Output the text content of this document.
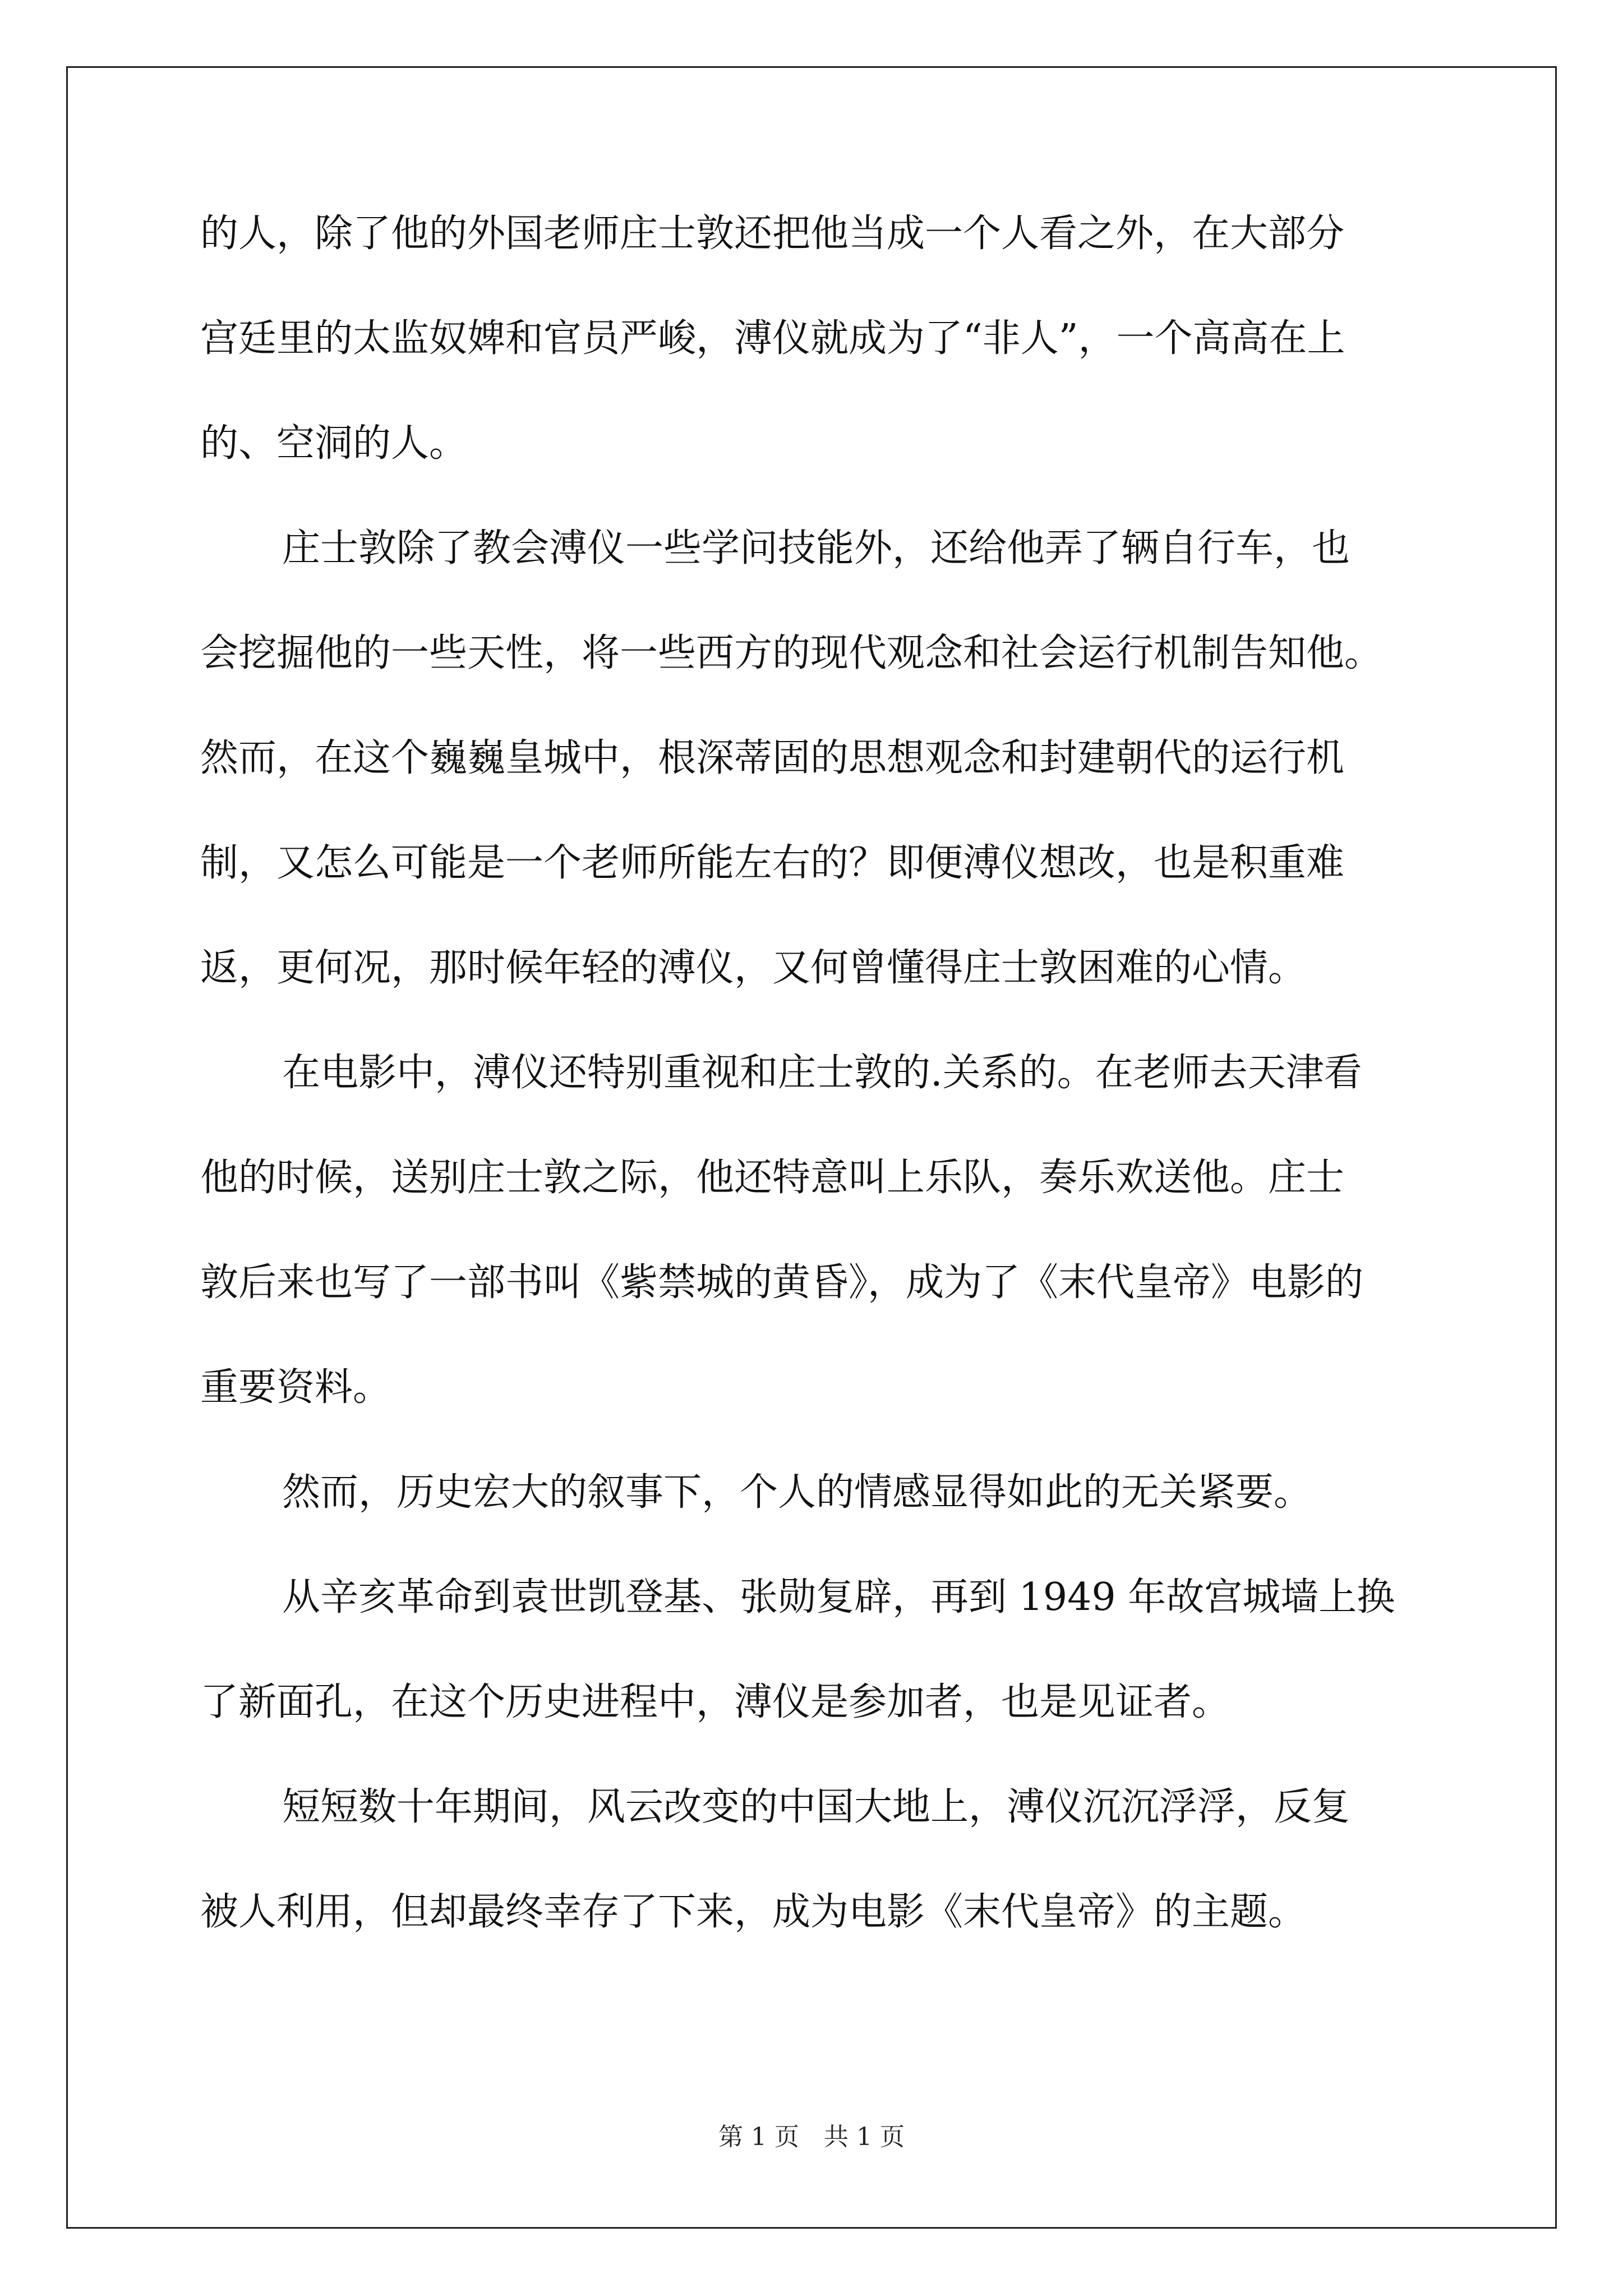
的人，除了他的外国老师庄士敦还把他当成一个人看之外，在大部分
宫廷里的太监奴婢和官员严峻，溥仪就成为了“非人”，一个高高在上
的、空洞的人。
庄士敦除了教会溥仪一些学问技能外，还给他弄了辆自行车，也
会挖掘他的一些天性，将一些西方的现代观念和社会运行机制告知他。
然而，在这个巍巍皇城中，根深蒂固的思想观念和封建朝代的运行机
制，又怎么可能是一个老师所能左右的？即便溥仪想改，也是积重难
返，更何况，那时候年轻的溥仪，又何曾懂得庄士敦困难的心情。
在电影中，溥仪还特别重视和庄士敦的.关系的。在老师去天津看
他的时候，送别庄士敦之际，他还特意叫上乐队，奏乐欢送他。庄士
敦后来也写了一部书叫《紫禁城的黄昏》，成为了《末代皇帝》电影的
重要资料。
然而，历史宏大的叙事下，个人的情感显得如此的无关紧要。
从辛亥革命到袁世凯登基、张勋复辟，再到 1949 年故宫城墙上换
了新面孔，在这个历史进程中，溥仪是参加者，也是见证者。
短短数十年期间，风云改变的中国大地上，溥仪沉沉浮浮，反复
被人利用，但却最终幸存了下来，成为电影《末代皇帝》的主题。
第 1 页 共 1 页
